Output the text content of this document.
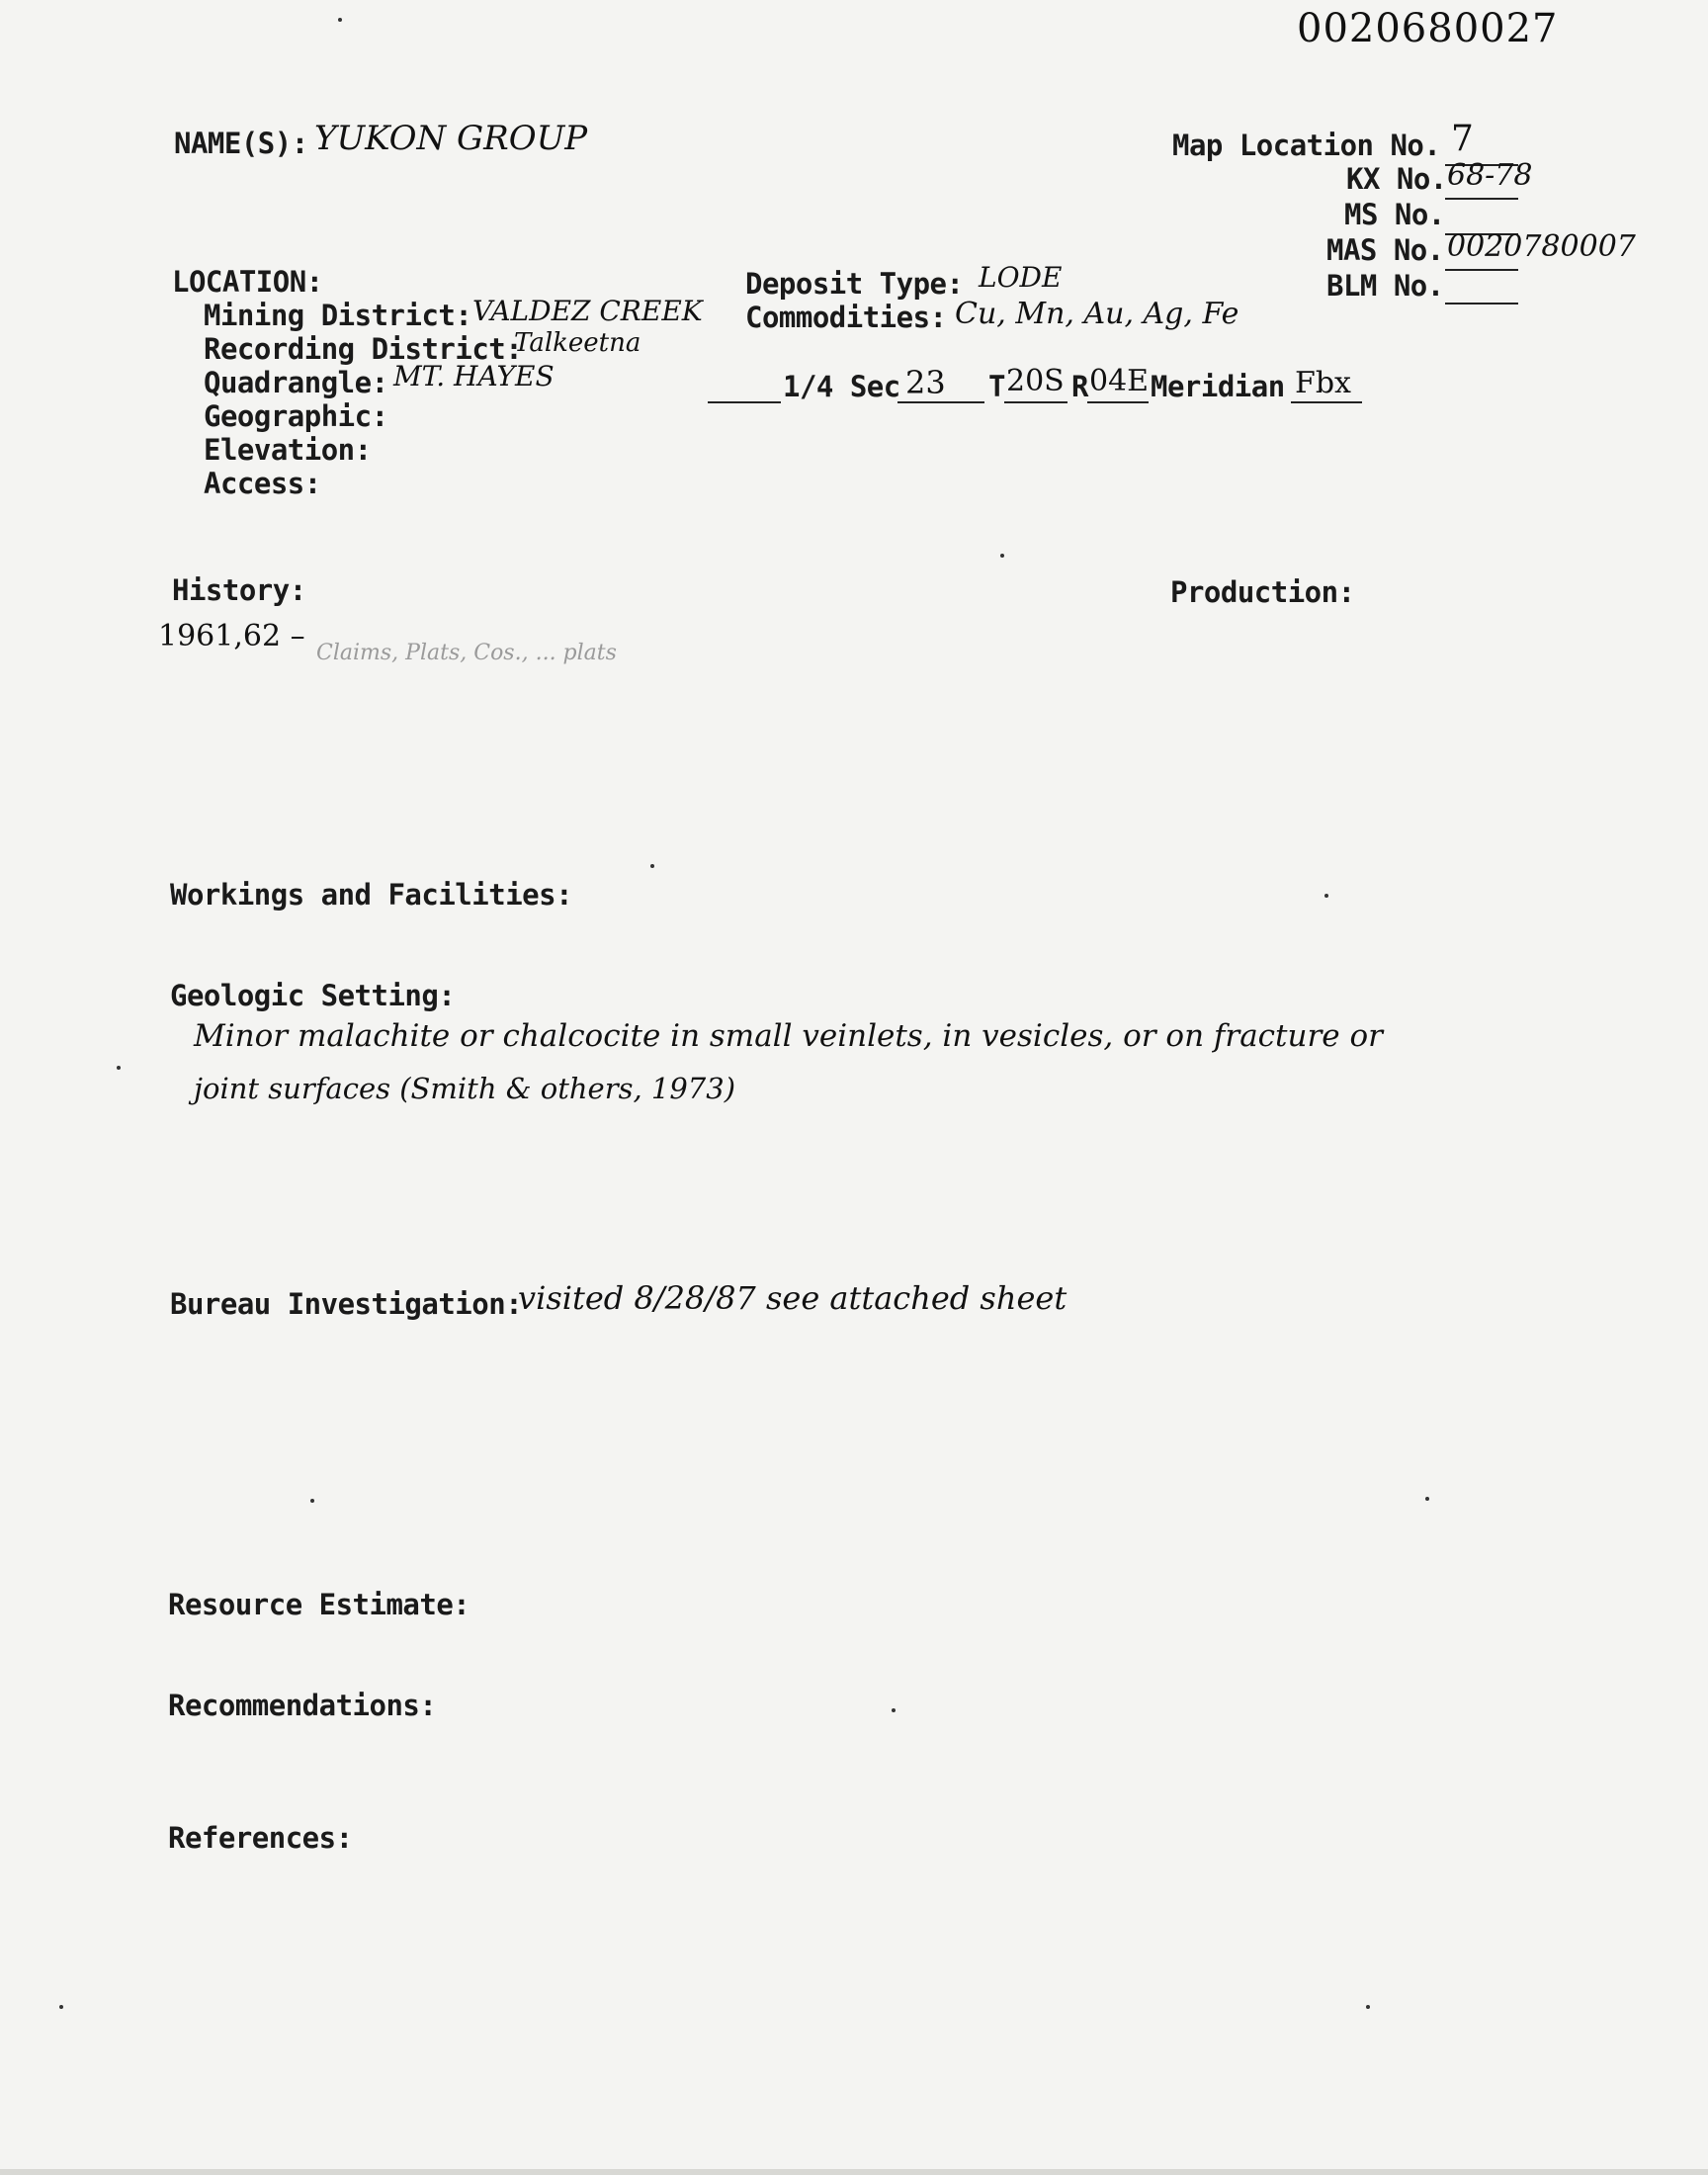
0020680027
NAME(S): YUKON GROUP	Map Location No. 7
KX No. 68-78
MS No.
MAS No. 0020780007
BLM No.
LOCATION:
Mining District: VALDEZ CREEK
Recording District:
Talkeetna
Quadrangle: MT. HAYES
Geographic:
Elevation:
Access:
Deposit Type: LODE
Commodities: Cu, Mn, Au, Ag, Fe
1/4 Sec 23 T 20S R 04E Meridian Fbx
History:
1961,62 – Claims, Plats, Cos., ... plats
Production:
Workings and Facilities:
Geologic Setting:
Minor malachite or chalcocite in small veinlets, in vesicles, or on fracture or
joint surfaces (Smith & others, 1973)
Bureau Investigation:
visited 8/28/87 see attached sheet
Resource Estimate:
Recommendations:
References:
